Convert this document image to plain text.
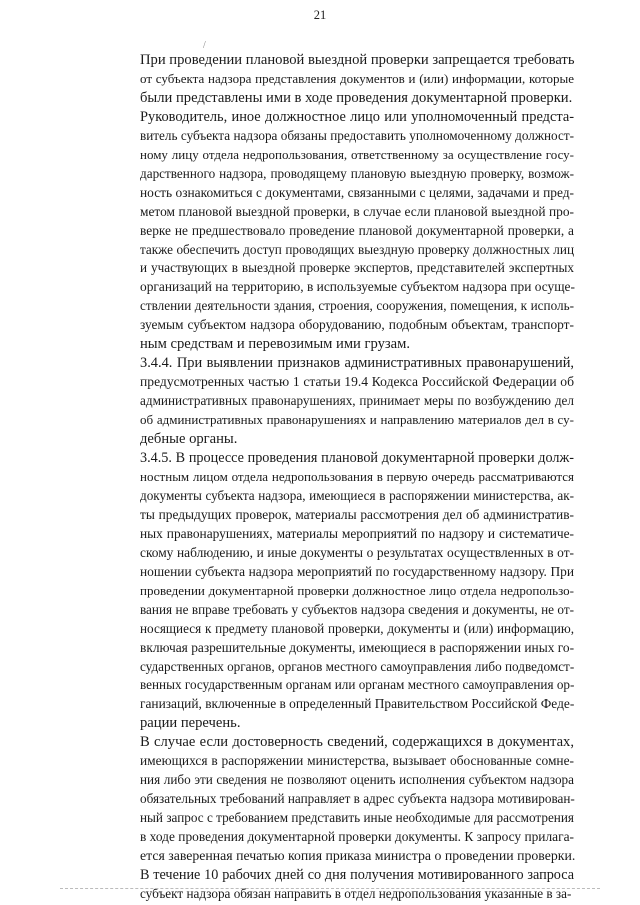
21
/

При проведении плановой выездной проверки запрещается требовать
от субъекта надзора представления документов и (или) информации, которые
были представлены ими в ходе проведения документарной проверки.

Руководитель, иное должностное лицо или уполномоченный предста-
витель субъекта надзора обязаны предоставить уполномоченному должност-
ному лицу отдела недропользования, ответственному за осуществление госу-
дарственного надзора, проводящему плановую выездную проверку, возмож-
ность ознакомиться с документами, связанными с целями, задачами и пред-
метом плановой выездной проверки, в случае если плановой выездной про-
верке не предшествовало проведение плановой документарной проверки, а
также обеспечить доступ проводящих выездную проверку должностных лиц
и участвующих в выездной проверке экспертов, представителей экспертных
организаций на территорию, в используемые субъектом надзора при осуще-
ствлении деятельности здания, строения, сооружения, помещения, к исполь-
зуемым субъектом надзора оборудованию, подобным объектам, транспорт-
ным средствам и перевозимым ими грузам.

3.4.4. При выявлении признаков административных правонарушений,
предусмотренных частью 1 статьи 19.4 Кодекса Российской Федерации об
административных правонарушениях, принимает меры по возбуждению дел
об административных правонарушениях и направлению материалов дел в су-
дебные органы.

3.4.5. В процессе проведения плановой документарной проверки долж-
ностным лицом отдела недропользования в первую очередь рассматриваются
документы субъекта надзора, имеющиеся в распоряжении министерства, ак-
ты предыдущих проверок, материалы рассмотрения дел об административ-
ных правонарушениях, материалы мероприятий по надзору и систематиче-
скому наблюдению, и иные документы о результатах осуществленных в от-
ношении субъекта надзора мероприятий по государственному надзору. При
проведении документарной проверки должностное лицо отдела недропользо-
вания не вправе требовать у субъектов надзора сведения и документы, не от-
носящиеся к предмету плановой проверки, документы и (или) информацию,
включая разрешительные документы, имеющиеся в распоряжении иных го-
сударственных органов, органов местного самоуправления либо подведомст-
венных государственным органам или органам местного самоуправления ор-
ганизаций, включенные в определенный Правительством Российской Феде-
рации перечень.

В случае если достоверность сведений, содержащихся в документах,
имеющихся в распоряжении министерства, вызывает обоснованные сомне-
ния либо эти сведения не позволяют оценить исполнения субъектом надзора
обязательных требований направляет в адрес субъекта надзора мотивирован-
ный запрос с требованием представить иные необходимые для рассмотрения
в ходе проведения документарной проверки документы. К запросу прилага-
ется заверенная печатью копия приказа министра о проведении проверки.

В течение 10 рабочих дней со дня получения мотивированного запроса
субъект надзора обязан направить в отдел недропользования указанные в за-
